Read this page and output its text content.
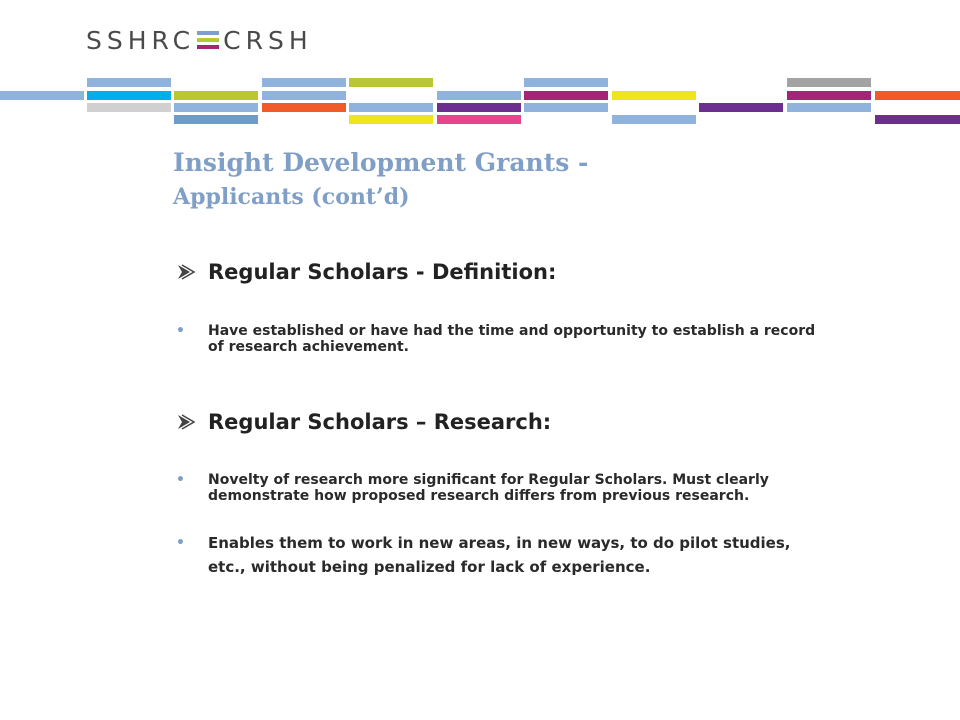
SSHRC CRSH
Insight Development Grants -
Applicants (cont’d)
Regular Scholars - Definition:
•	Have established or have had the time and opportunity to establish a record of research achievement.
Regular Scholars – Research:
•	Novelty of research more significant for Regular Scholars. Must clearly demonstrate how proposed research differs from previous research.
•	Enables them to work in new areas, in new ways, to do pilot studies, etc., without being penalized for lack of experience.
